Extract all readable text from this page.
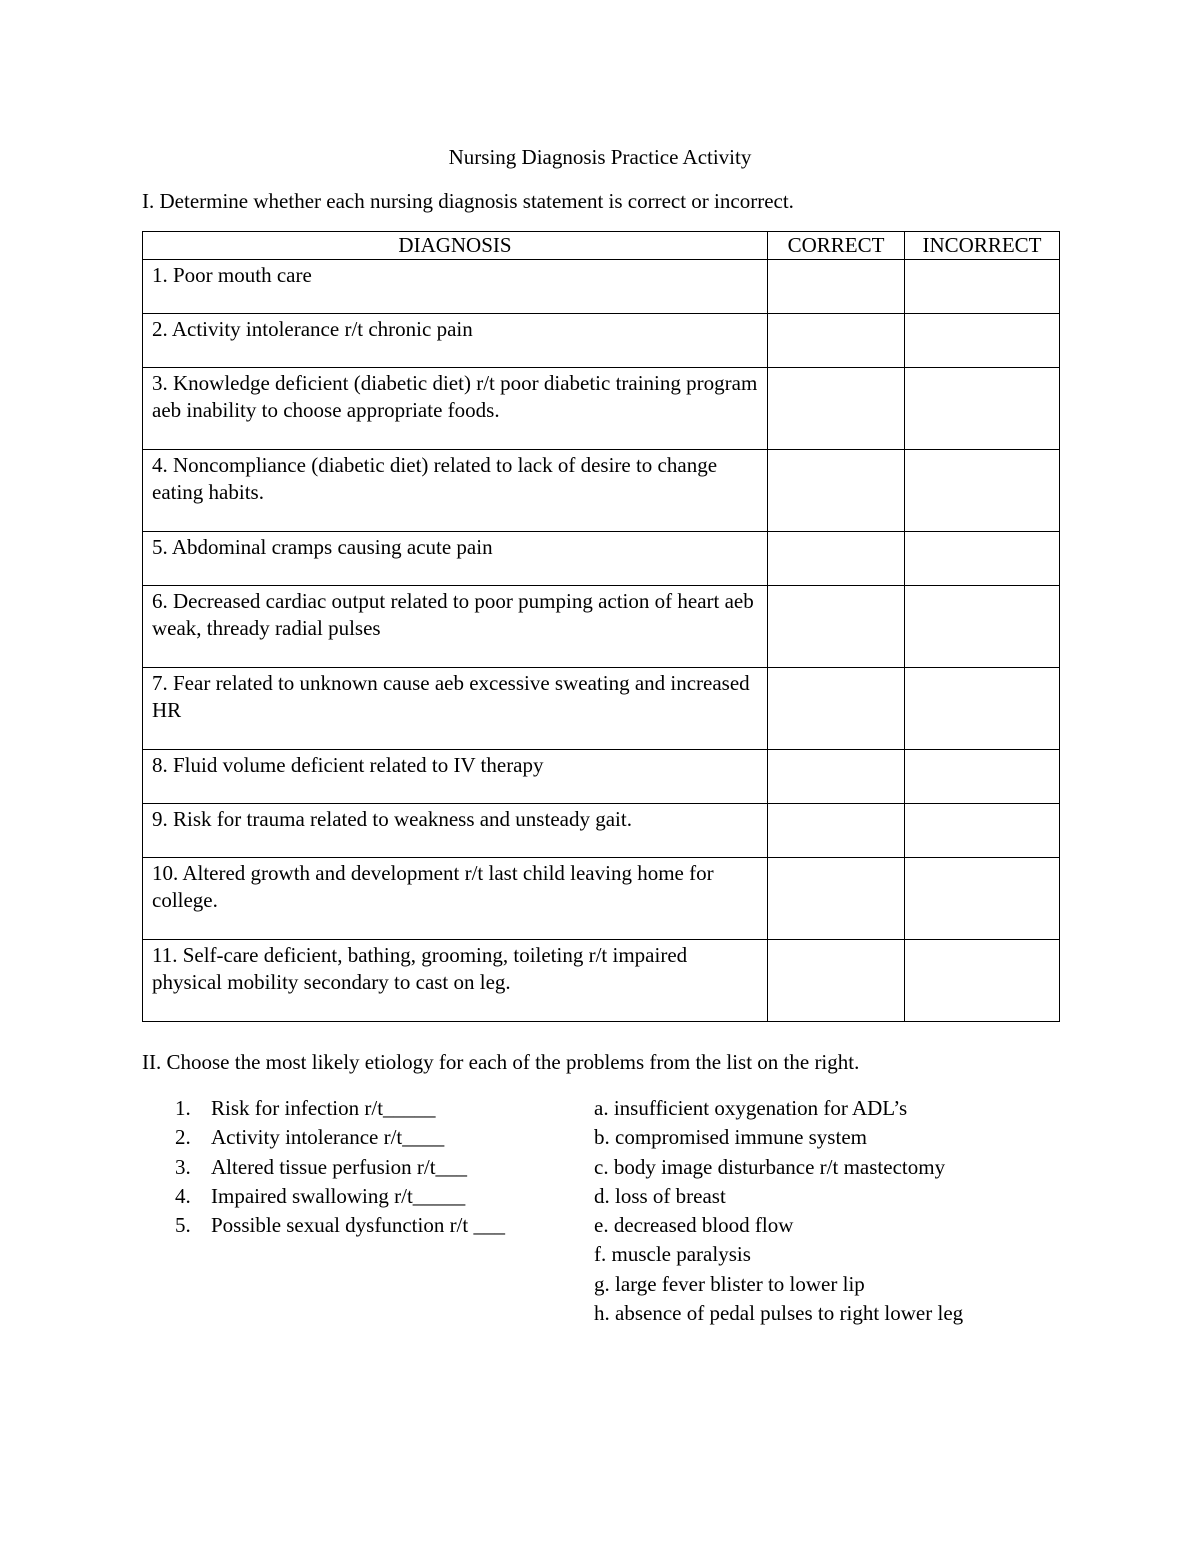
Nursing Diagnosis Practice Activity
I. Determine whether each nursing diagnosis statement is correct or incorrect.
DIAGNOSIS	CORRECT	INCORRECT
1. Poor mouth care		
2. Activity intolerance r/t chronic pain		
3. Knowledge deficient (diabetic diet) r/t poor diabetic training program aeb inability to choose appropriate foods.		
4. Noncompliance (diabetic diet) related to lack of desire to change eating habits.		
5. Abdominal cramps causing acute pain		
6. Decreased cardiac output related to poor pumping action of heart aeb weak, thready radial pulses		
7. Fear related to unknown cause aeb excessive sweating and increased HR		
8. Fluid volume deficient related to IV therapy		
9. Risk for trauma related to weakness and unsteady gait.		
10. Altered growth and development r/t last child leaving home for college.		
11. Self-care deficient, bathing, grooming, toileting r/t impaired physical mobility secondary to cast on leg.		
II. Choose the most likely etiology for each of the problems from the list on the right.
1. Risk for infection r/t_____
2. Activity intolerance r/t____
3. Altered tissue perfusion r/t___
4. Impaired swallowing r/t_____
5. Possible sexual dysfunction r/t ___
a. insufficient oxygenation for ADL’s
b. compromised immune system
c. body image disturbance r/t mastectomy
d. loss of breast
e. decreased blood flow
f. muscle paralysis
g. large fever blister to lower lip
h. absence of pedal pulses to right lower leg
